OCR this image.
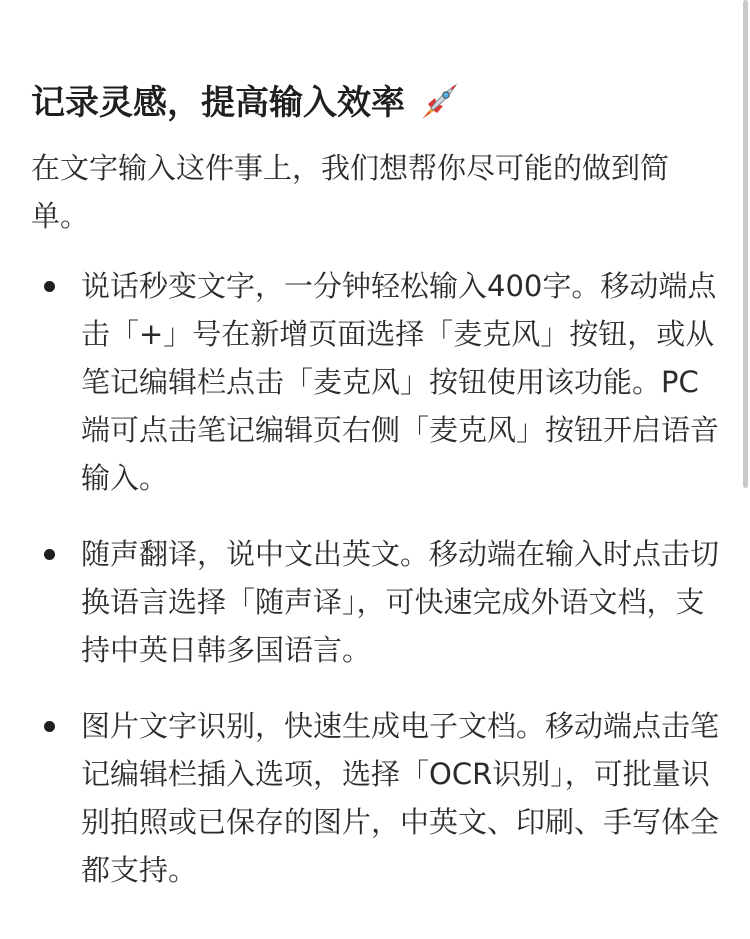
记录灵感，提高输入效率

在文字输入这件事上，我们想帮你尽可能的做到简单。

说话秒变文字，一分钟轻松输入400字。移动端点击「+」号在新增页面选择「麦克风」按钮，或从笔记编辑栏点击「麦克风」按钮使用该功能。PC端可点击笔记编辑页右侧「麦克风」按钮开启语音输入。
随声翻译，说中文出英文。移动端在输入时点击切换语言选择「随声译」，可快速完成外语文档，支持中英日韩多国语言。
图片文字识别，快速生成电子文档。移动端点击笔记编辑栏插入选项，选择「OCR识别」，可批量识别拍照或已保存的图片，中英文、印刷、手写体全都支持。
